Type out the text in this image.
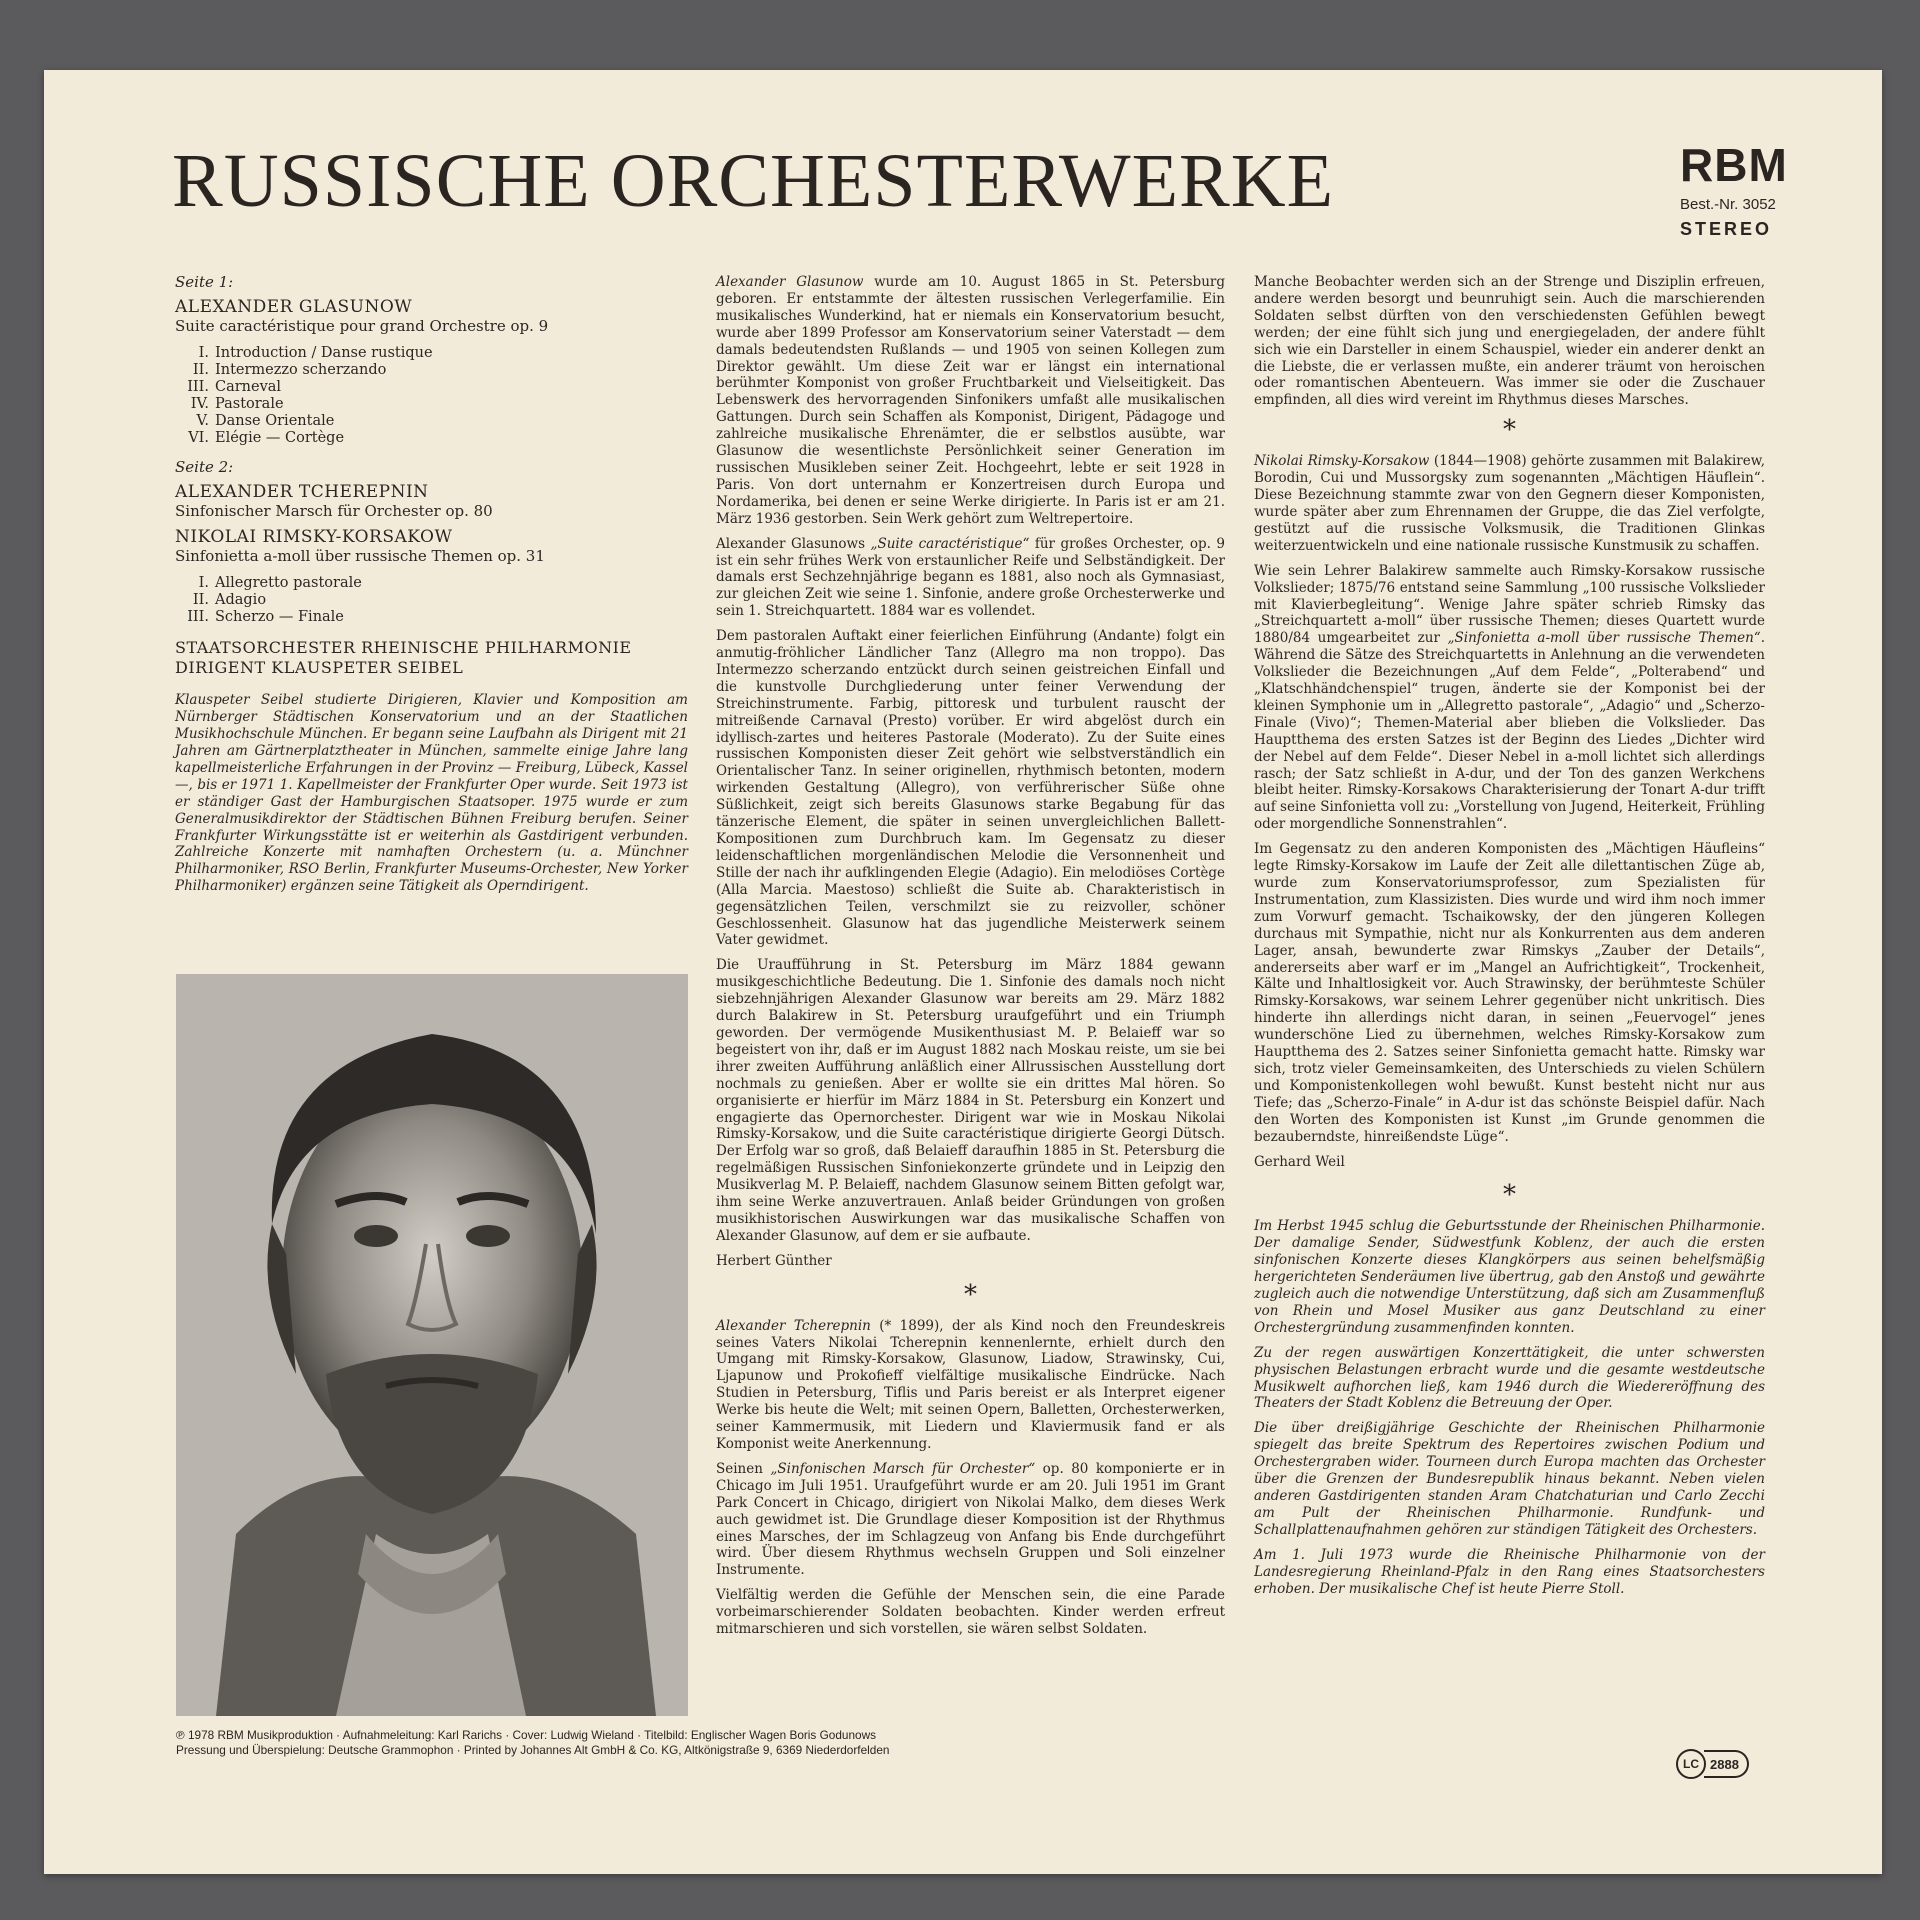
RUSSISCHE ORCHESTERWERKE	RBM
Best.-Nr. 3052
STEREO
Seite 1:
ALEXANDER GLASUNOW
Suite caractéristique pour grand Orchestre op. 9
I. Introduction / Danse rustique
II. Intermezzo scherzando
III. Carneval
IV. Pastorale
V. Danse Orientale
VI. Elégie — Cortège
Seite 2:
ALEXANDER TCHEREPNIN
Sinfonischer Marsch für Orchester op. 80
NIKOLAI RIMSKY-KORSAKOW
Sinfonietta a-moll über russische Themen op. 31
I. Allegretto pastorale
II. Adagio
III. Scherzo — Finale
STAATSORCHESTER RHEINISCHE PHILHARMONIE
DIRIGENT KLAUSPETER SEIBEL
Klauspeter Seibel studierte Dirigieren, Klavier und Komposition am Nürnberger Städtischen Konservatorium und an der Staatlichen Musikhochschule München. Er begann seine Laufbahn als Dirigent mit 21 Jahren am Gärtnerplatztheater in München, sammelte einige Jahre lang kapellmeisterliche Erfahrungen in der Provinz — Freiburg, Lübeck, Kassel —, bis er 1971 1. Kapellmeister der Frankfurter Oper wurde. Seit 1973 ist er ständiger Gast der Hamburgischen Staatsoper. 1975 wurde er zum Generalmusikdirektor der Städtischen Bühnen Freiburg berufen. Seiner Frankfurter Wirkungsstätte ist er weiterhin als Gastdirigent verbunden. Zahlreiche Konzerte mit namhaften Orchestern (u. a. Münchner Philharmoniker, RSO Berlin, Frankfurter Museums-Orchester, New Yorker Philharmoniker) ergänzen seine Tätigkeit als Operndirigent.

Alexander Glasunow wurde am 10. August 1865 in St. Petersburg geboren. Er entstammte der ältesten russischen Verlegerfamilie. Ein musikalisches Wunderkind, hat er niemals ein Konservatorium besucht, wurde aber 1899 Professor am Konservatorium seiner Vaterstadt — dem damals bedeutendsten Rußlands — und 1905 von seinen Kollegen zum Direktor gewählt. Um diese Zeit war er längst ein international berühmter Komponist von großer Fruchtbarkeit und Vielseitigkeit. Das Lebenswerk des hervorragenden Sinfonikers umfaßt alle musikalischen Gattungen. Durch sein Schaffen als Komponist, Dirigent, Pädagoge und zahlreiche musikalische Ehrenämter, die er selbstlos ausübte, war Glasunow die wesentlichste Persönlichkeit seiner Generation im russischen Musikleben seiner Zeit. Hochgeehrt, lebte er seit 1928 in Paris. Von dort unternahm er Konzertreisen durch Europa und Nordamerika, bei denen er seine Werke dirigierte. In Paris ist er am 21. März 1936 gestorben. Sein Werk gehört zum Weltrepertoire.

Alexander Glasunows „Suite caractéristique“ für großes Orchester, op. 9 ist ein sehr frühes Werk von erstaunlicher Reife und Selbständigkeit. Der damals erst Sechzehnjährige begann es 1881, also noch als Gymnasiast, zur gleichen Zeit wie seine 1. Sinfonie, andere große Orchesterwerke und sein 1. Streichquartett. 1884 war es vollendet.

Dem pastoralen Auftakt einer feierlichen Einführung (Andante) folgt ein anmutig-fröhlicher Ländlicher Tanz (Allegro ma non troppo). Das Intermezzo scherzando entzückt durch seinen geistreichen Einfall und die kunstvolle Durchgliederung unter feiner Verwendung der Streichinstrumente. Farbig, pittoresk und turbulent rauscht der mitreißende Carnaval (Presto) vorüber. Er wird abgelöst durch ein idyllisch-zartes und heiteres Pastorale (Moderato). Zu der Suite eines russischen Komponisten dieser Zeit gehört wie selbstverständlich ein Orientalischer Tanz. In seiner originellen, rhythmisch betonten, modern wirkenden Gestaltung (Allegro), von verführerischer Süße ohne Süßlichkeit, zeigt sich bereits Glasunows starke Begabung für das tänzerische Element, die später in seinen unvergleichlichen Ballett-Kompositionen zum Durchbruch kam. Im Gegensatz zu dieser leidenschaftlichen morgenländischen Melodie die Versonnenheit und Stille der nach ihr aufklingenden Elegie (Adagio). Ein melodiöses Cortège (Alla Marcia. Maestoso) schließt die Suite ab. Charakteristisch in gegensätzlichen Teilen, verschmilzt sie zu reizvoller, schöner Geschlossenheit. Glasunow hat das jugendliche Meisterwerk seinem Vater gewidmet.

Die Uraufführung in St. Petersburg im März 1884 gewann musikgeschichtliche Bedeutung. Die 1. Sinfonie des damals noch nicht siebzehnjährigen Alexander Glasunow war bereits am 29. März 1882 durch Balakirew in St. Petersburg uraufgeführt und ein Triumph geworden. Der vermögende Musikenthusiast M. P. Belaieff war so begeistert von ihr, daß er im August 1882 nach Moskau reiste, um sie bei ihrer zweiten Aufführung anläßlich einer Allrussischen Ausstellung dort nochmals zu genießen. Aber er wollte sie ein drittes Mal hören. So organisierte er hierfür im März 1884 in St. Petersburg ein Konzert und engagierte das Opernorchester. Dirigent war wie in Moskau Nikolai Rimsky-Korsakow, und die Suite caractéristique dirigierte Georgi Dütsch. Der Erfolg war so groß, daß Belaieff daraufhin 1885 in St. Petersburg die regelmäßigen Russischen Sinfoniekonzerte gründete und in Leipzig den Musikverlag M. P. Belaieff, nachdem Glasunow seinem Bitten gefolgt war, ihm seine Werke anzuvertrauen. Anlaß beider Gründungen von großen musikhistorischen Auswirkungen war das musikalische Schaffen von Alexander Glasunow, auf dem er sie aufbaute.

Herbert Günther
*

Alexander Tcherepnin (* 1899), der als Kind noch den Freundeskreis seines Vaters Nikolai Tcherepnin kennenlernte, erhielt durch den Umgang mit Rimsky-Korsakow, Glasunow, Liadow, Strawinsky, Cui, Ljapunow und Prokofieff vielfältige musikalische Eindrücke. Nach Studien in Petersburg, Tiflis und Paris bereist er als Interpret eigener Werke bis heute die Welt; mit seinen Opern, Balletten, Orchesterwerken, seiner Kammermusik, mit Liedern und Klaviermusik fand er als Komponist weite Anerkennung.

Seinen „Sinfonischen Marsch für Orchester“ op. 80 komponierte er in Chicago im Juli 1951. Uraufgeführt wurde er am 20. Juli 1951 im Grant Park Concert in Chicago, dirigiert von Nikolai Malko, dem dieses Werk auch gewidmet ist. Die Grundlage dieser Komposition ist der Rhythmus eines Marsches, der im Schlagzeug von Anfang bis Ende durchgeführt wird. Über diesem Rhythmus wechseln Gruppen und Soli einzelner Instrumente.

Vielfältig werden die Gefühle der Menschen sein, die eine Parade vorbeimarschierender Soldaten beobachten. Kinder werden erfreut mitmarschieren und sich vorstellen, sie wären selbst Soldaten.

Manche Beobachter werden sich an der Strenge und Disziplin erfreuen, andere werden besorgt und beunruhigt sein. Auch die marschierenden Soldaten selbst dürften von den verschiedensten Gefühlen bewegt werden; der eine fühlt sich jung und energiegeladen, der andere fühlt sich wie ein Darsteller in einem Schauspiel, wieder ein anderer denkt an die Liebste, die er verlassen mußte, ein anderer träumt von heroischen oder romantischen Abenteuern. Was immer sie oder die Zuschauer empfinden, all dies wird vereint im Rhythmus dieses Marsches.

*

Nikolai Rimsky-Korsakow (1844—1908) gehörte zusammen mit Balakirew, Borodin, Cui und Mussorgsky zum sogenannten „Mächtigen Häuflein“. Diese Bezeichnung stammte zwar von den Gegnern dieser Komponisten, wurde später aber zum Ehrennamen der Gruppe, die das Ziel verfolgte, gestützt auf die russische Volksmusik, die Traditionen Glinkas weiterzuentwickeln und eine nationale russische Kunstmusik zu schaffen.

Wie sein Lehrer Balakirew sammelte auch Rimsky-Korsakow russische Volkslieder; 1875/76 entstand seine Sammlung „100 russische Volkslieder mit Klavierbegleitung“. Wenige Jahre später schrieb Rimsky das „Streichquartett a-moll“ über russische Themen; dieses Quartett wurde 1880/84 umgearbeitet zur „Sinfonietta a-moll über russische Themen“. Während die Sätze des Streichquartetts in Anlehnung an die verwendeten Volkslieder die Bezeichnungen „Auf dem Felde“, „Polterabend“ und „Klatschhändchenspiel“ trugen, änderte sie der Komponist bei der kleinen Symphonie um in „Allegretto pastorale“, „Adagio“ und „Scherzo-Finale (Vivo)“; Themen-Material aber blieben die Volkslieder. Das Hauptthema des ersten Satzes ist der Beginn des Liedes „Dichter wird der Nebel auf dem Felde“. Dieser Nebel in a-moll lichtet sich allerdings rasch; der Satz schließt in A-dur, und der Ton des ganzen Werkchens bleibt heiter. Rimsky-Korsakows Charakterisierung der Tonart A-dur trifft auf seine Sinfonietta voll zu: „Vorstellung von Jugend, Heiterkeit, Frühling oder morgendliche Sonnenstrahlen“.

Im Gegensatz zu den anderen Komponisten des „Mächtigen Häufleins“ legte Rimsky-Korsakow im Laufe der Zeit alle dilettantischen Züge ab, wurde zum Konservatoriumsprofessor, zum Spezialisten für Instrumentation, zum Klassizisten. Dies wurde und wird ihm noch immer zum Vorwurf gemacht. Tschaikowsky, der den jüngeren Kollegen durchaus mit Sympathie, nicht nur als Konkurrenten aus dem anderen Lager, ansah, bewunderte zwar Rimskys „Zauber der Details“, andererseits aber warf er im „Mangel an Aufrichtigkeit“, Trockenheit, Kälte und Inhaltlosigkeit vor. Auch Strawinsky, der berühmteste Schüler Rimsky-Korsakows, war seinem Lehrer gegenüber nicht unkritisch. Dies hinderte ihn allerdings nicht daran, in seinen „Feuervogel“ jenes wunderschöne Lied zu übernehmen, welches Rimsky-Korsakow zum Hauptthema des 2. Satzes seiner Sinfonietta gemacht hatte. Rimsky war sich, trotz vieler Gemeinsamkeiten, des Unterschieds zu vielen Schülern und Komponistenkollegen wohl bewußt. Kunst besteht nicht nur aus Tiefe; das „Scherzo-Finale“ in A-dur ist das schönste Beispiel dafür. Nach den Worten des Komponisten ist Kunst „im Grunde genommen die bezauberndste, hinreißendste Lüge“.

Gerhard Weil
*

Im Herbst 1945 schlug die Geburtsstunde der Rheinischen Philharmonie. Der damalige Sender, Südwestfunk Koblenz, der auch die ersten sinfonischen Konzerte dieses Klangkörpers aus seinen behelfsmäßig hergerichteten Senderäumen live übertrug, gab den Anstoß und gewährte zugleich auch die notwendige Unterstützung, daß sich am Zusammenfluß von Rhein und Mosel Musiker aus ganz Deutschland zu einer Orchestergründung zusammenfinden konnten.

Zu der regen auswärtigen Konzerttätigkeit, die unter schwersten physischen Belastungen erbracht wurde und die gesamte westdeutsche Musikwelt aufhorchen ließ, kam 1946 durch die Wiedereröffnung des Theaters der Stadt Koblenz die Betreuung der Oper.

Die über dreißigjährige Geschichte der Rheinischen Philharmonie spiegelt das breite Spektrum des Repertoires zwischen Podium und Orchestergraben wider. Tourneen durch Europa machten das Orchester über die Grenzen der Bundesrepublik hinaus bekannt. Neben vielen anderen Gastdirigenten standen Aram Chatchaturian und Carlo Zecchi am Pult der Rheinischen Philharmonie. Rundfunk- und Schallplattenaufnahmen gehören zur ständigen Tätigkeit des Orchesters.

Am 1. Juli 1973 wurde die Rheinische Philharmonie von der Landesregierung Rheinland-Pfalz in den Rang eines Staatsorchesters erhoben. Der musikalische Chef ist heute Pierre Stoll.

℗ 1978 RBM Musikproduktion · Aufnahmeleitung: Karl Rarichs · Cover: Ludwig Wieland · Titelbild: Englischer Wagen Boris Godunows
Pressung und Überspielung: Deutsche Grammophon · Printed by Johannes Alt GmbH & Co. KG, Altkönigstraße 9, 6369 Niederdorfelden
LC 2888
